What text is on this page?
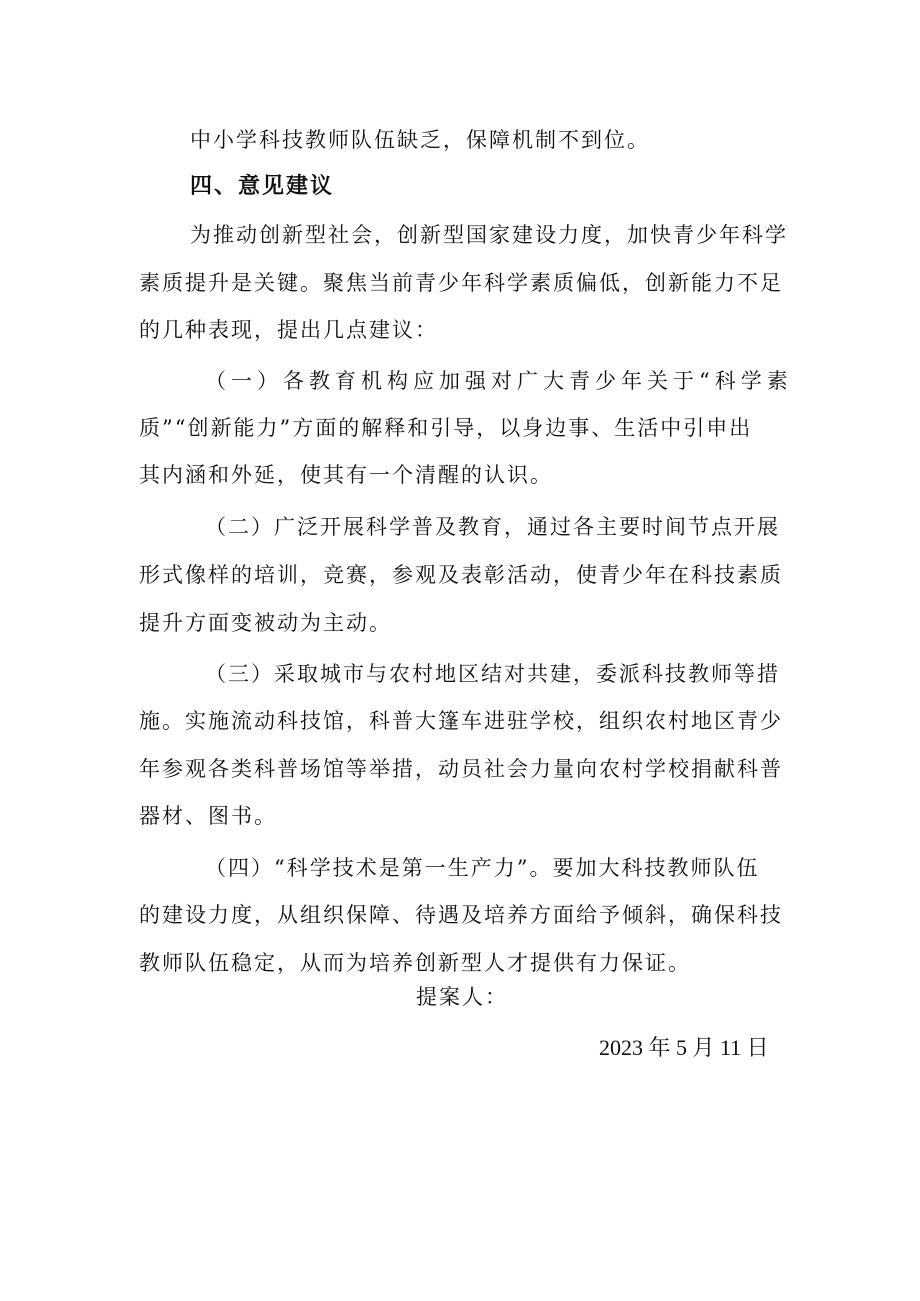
中小学科技教师队伍缺乏，保障机制不到位。
四、意见建议
为推动创新型社会，创新型国家建设力度，加快青少年科学
素质提升是关键。聚焦当前青少年科学素质偏低，创新能力不足
的几种表现，提出几点建议：
（一）各教育机构应加强对广大青少年关于“科学素
质”“创新能力”方面的解释和引导，以身边事、生活中引申出
其内涵和外延，使其有一个清醒的认识。
（二）广泛开展科学普及教育，通过各主要时间节点开展
形式像样的培训，竞赛，参观及表彰活动，使青少年在科技素质
提升方面变被动为主动。
（三）采取城市与农村地区结对共建，委派科技教师等措
施。实施流动科技馆，科普大篷车进驻学校，组织农村地区青少
年参观各类科普场馆等举措，动员社会力量向农村学校捐献科普
器材、图书。
（四）“科学技术是第一生产力”。要加大科技教师队伍
的建设力度，从组织保障、待遇及培养方面给予倾斜，确保科技
教师队伍稳定，从而为培养创新型人才提供有力保证。
提案人：
2023 年 5 月 11 日
